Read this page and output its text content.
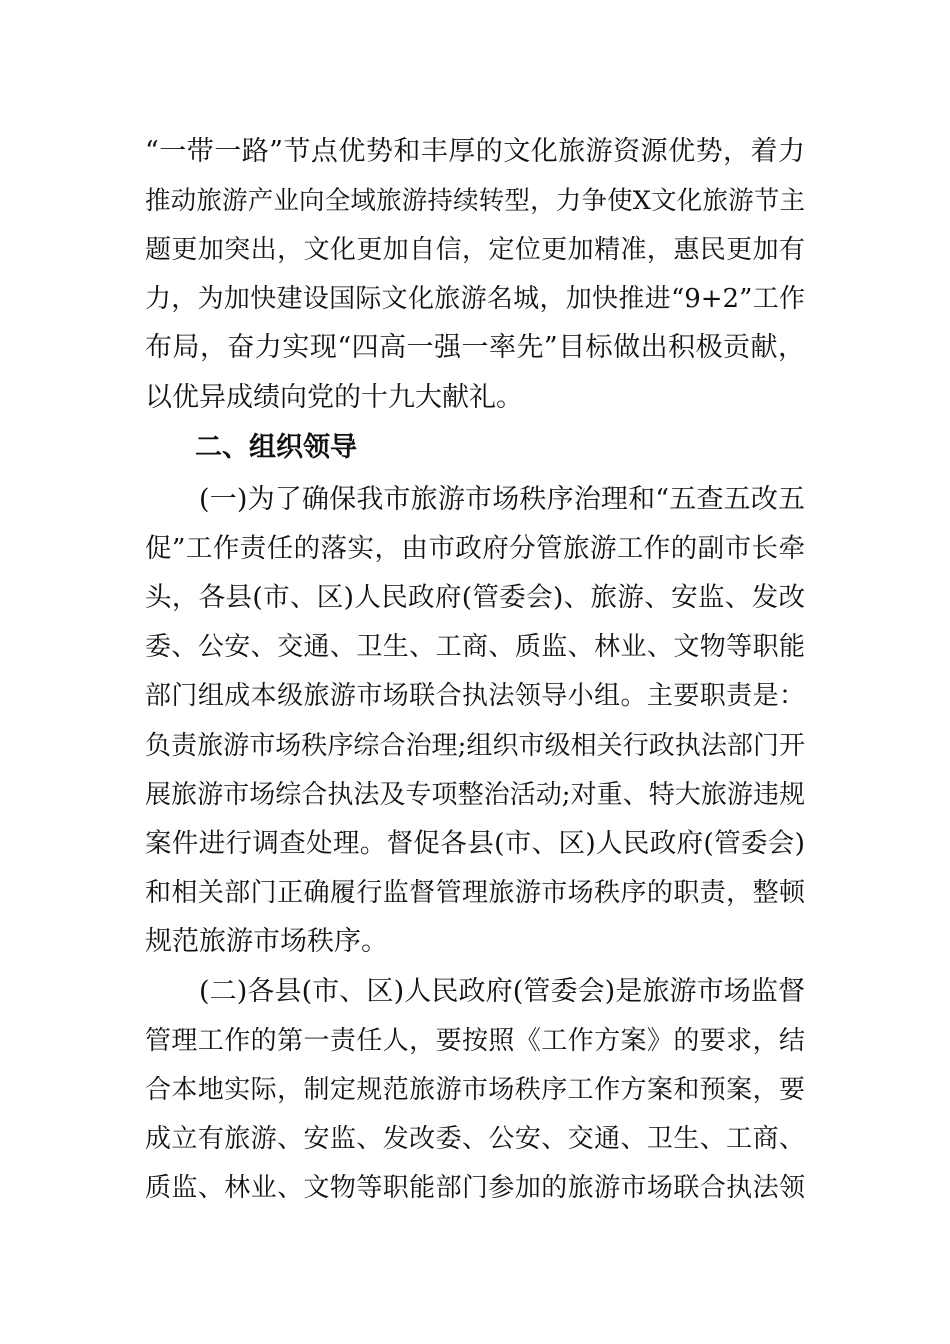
“一带一路”节点优势和丰厚的文化旅游资源优势，着力
推动旅游产业向全域旅游持续转型，力争使X文化旅游节主
题更加突出，文化更加自信，定位更加精准，惠民更加有
力，为加快建设国际文化旅游名城，加快推进“9+2”工作
布局，奋力实现“四高一强一率先”目标做出积极贡献，
以优异成绩向党的十九大献礼。
二、组织领导
(一)为了确保我市旅游市场秩序治理和“五查五改五
促”工作责任的落实，由市政府分管旅游工作的副市长牵
头，各县(市、区)人民政府(管委会)、旅游、安监、发改
委、公安、交通、卫生、工商、质监、林业、文物等职能
部门组成本级旅游市场联合执法领导小组。主要职责是：
负责旅游市场秩序综合治理;组织市级相关行政执法部门开
展旅游市场综合执法及专项整治活动;对重、特大旅游违规
案件进行调查处理。督促各县(市、区)人民政府(管委会)
和相关部门正确履行监督管理旅游市场秩序的职责，整顿
规范旅游市场秩序。
(二)各县(市、区)人民政府(管委会)是旅游市场监督
管理工作的第一责任人，要按照《工作方案》的要求，结
合本地实际，制定规范旅游市场秩序工作方案和预案，要
成立有旅游、安监、发改委、公安、交通、卫生、工商、
质监、林业、文物等职能部门参加的旅游市场联合执法领
